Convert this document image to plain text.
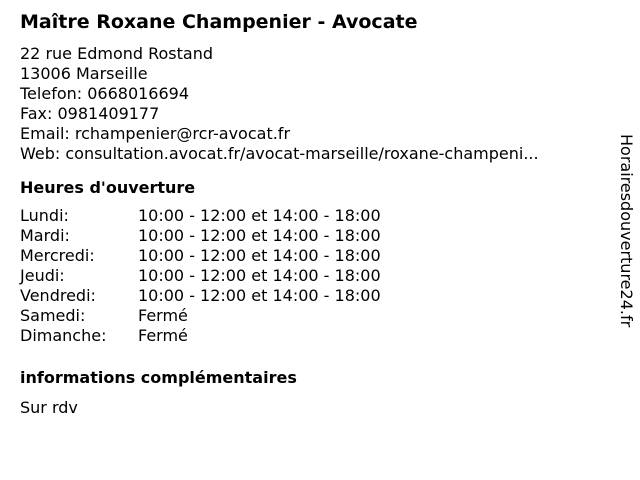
Maître Roxane Champenier - Avocate
22 rue Edmond Rostand
13006 Marseille
Telefon: 0668016694
Fax: 0981409177
Email: rchampenier@rcr-avocat.fr
Web: consultation.avocat.fr/avocat-marseille/roxane-champeni...
Heures d'ouverture
Lundi:	10:00 - 12:00 et 14:00 - 18:00
Mardi:	10:00 - 12:00 et 14:00 - 18:00
Mercredi:	10:00 - 12:00 et 14:00 - 18:00
Jeudi:	10:00 - 12:00 et 14:00 - 18:00
Vendredi:	10:00 - 12:00 et 14:00 - 18:00
Samedi:	Fermé
Dimanche:	Fermé
informations complémentaires
Sur rdv
Horairesdouverture24.fr
